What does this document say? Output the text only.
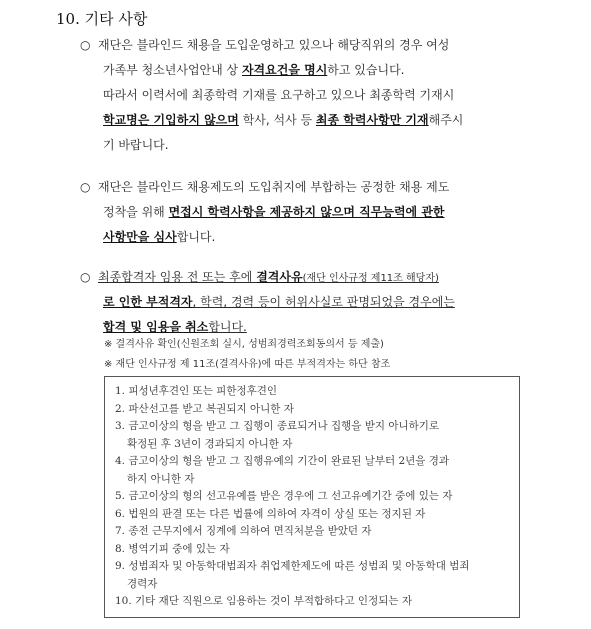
10. 기타 사항
○ 재단은 블라인드 채용을 도입운영하고 있으나 해당직위의 경우 여성
가족부 청소년사업안내 상 자격요건을 명시하고 있습니다.
따라서 이력서에 최종학력 기재를 요구하고 있으나 최종학력 기재시
학교명은 기입하지 않으며 학사, 석사 등 최종 학력사항만 기재해주시
기 바랍니다.
○ 재단은 블라인드 채용제도의 도입취지에 부합하는 공정한 채용 제도
정착을 위해 면접시 학력사항을 제공하지 않으며 직무능력에 관한
사항만을 심사합니다.
○ 최종합격자 임용 전 또는 후에 결격사유(재단 인사규정 제11조 해당자)
로 인한 부적격자, 학력, 경력 등이 허위사실로 판명되었을 경우에는
합격 및 임용을 취소합니다.
※ 결격사유 확인(신원조회 실시, 성범죄경력조회동의서 등 제출)
※ 재단 인사규정 제 11조(결격사유)에 따른 부적격자는 하단 참조
1. 피성년후견인 또는 피한정후견인
2. 파산선고를 받고 복권되지 아니한 자
3. 금고이상의 형을 받고 그 집행이 종료되거나 집행을 받지 아니하기로
확정된 후 3년이 경과되지 아니한 자
4. 금고이상의 형을 받고 그 집행유예의 기간이 완료된 날부터 2년을 경과
하지 아니한 자
5. 금고이상의 형의 선고유예를 받은 경우에 그 선고유예기간 중에 있는 자
6. 법원의 판결 또는 다른 법률에 의하여 자격이 상실 또는 정지된 자
7. 종전 근무지에서 징계에 의하여 면직처분을 받았던 자
8. 병역기피 중에 있는 자
9. 성범죄자 및 아동학대범죄자 취업제한제도에 따른 성범죄 및 아동학대 범죄
경력자
10. 기타 재단 직원으로 임용하는 것이 부적합하다고 인정되는 자
